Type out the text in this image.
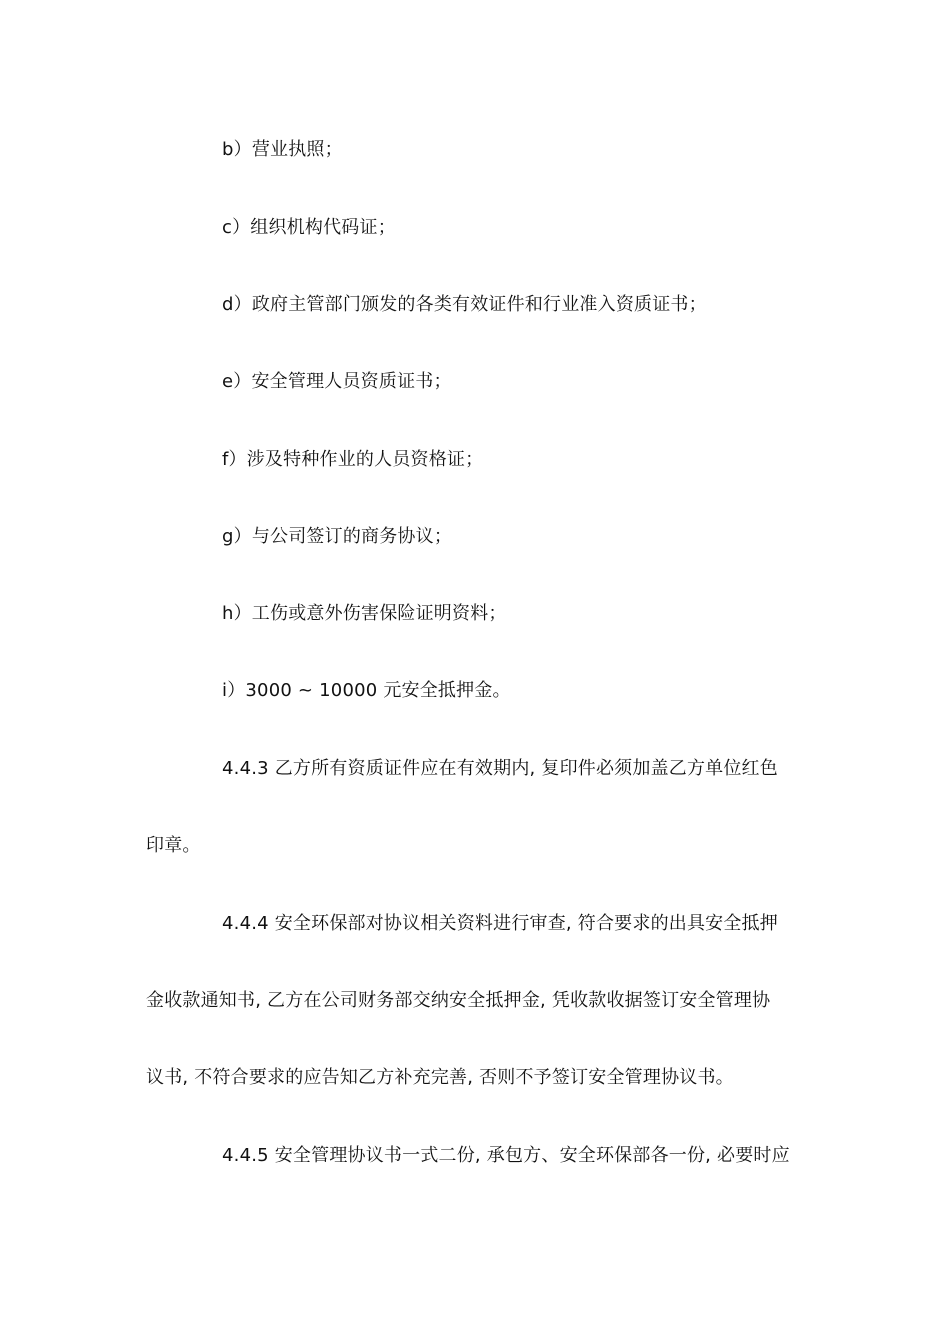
b）营业执照；
c）组织机构代码证；
d）政府主管部门颁发的各类有效证件和行业准入资质证书；
e）安全管理人员资质证书；
f）涉及特种作业的人员资格证；
g）与公司签订的商务协议；
h）工伤或意外伤害保险证明资料；
i）3000 ~ 10000 元安全抵押金。
4.4.3 乙方所有资质证件应在有效期内, 复印件必须加盖乙方单位红色
印章。
4.4.4 安全环保部对协议相关资料进行审查, 符合要求的出具安全抵押
金收款通知书, 乙方在公司财务部交纳安全抵押金, 凭收款收据签订安全管理协
议书, 不符合要求的应告知乙方补充完善, 否则不予签订安全管理协议书。
4.4.5 安全管理协议书一式二份, 承包方、安全环保部各一份, 必要时应
